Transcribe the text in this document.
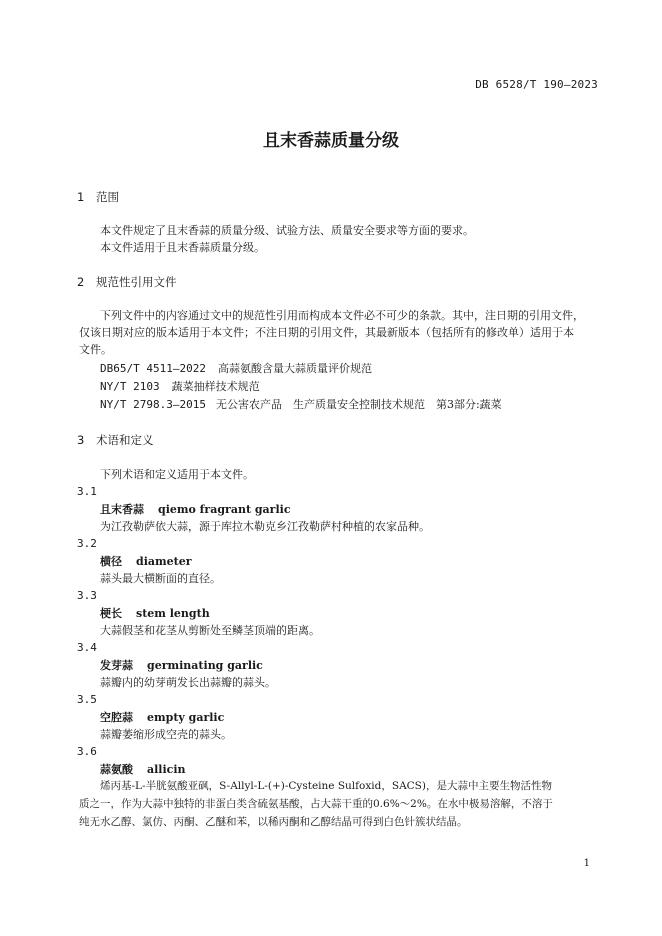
DB 6528/T 190—2023
且末香蒜质量分级
1 范围
本文件规定了且末香蒜的质量分级、试验方法、质量安全要求等方面的要求。
本文件适用于且末香蒜质量分级。
2 规范性引用文件
下列文件中的内容通过文中的规范性引用而构成本文件必不可少的条款。其中，注日期的引用文件，
仅该日期对应的版本适用于本文件；不注日期的引用文件，其最新版本（包括所有的修改单）适用于本
文件。
DB65/T 4511—2022 高蒜氨酸含量大蒜质量评价规范
NY/T 2103 蔬菜抽样技术规范
NY/T 2798.3—2015 无公害农产品　生产质量安全控制技术规范　第3部分:蔬菜
3 术语和定义
下列术语和定义适用于本文件。
3.1
且末香蒜 qiemo fragrant garlic
为江孜勒萨依大蒜，源于库拉木勒克乡江孜勒萨村种植的农家品种。
3.2
横径 diameter
蒜头最大横断面的直径。
3.3
梗长 stem length
大蒜假茎和花茎从剪断处至鳞茎顶端的距离。
3.4
发芽蒜 germinating garlic
蒜瓣内的幼芽萌发长出蒜瓣的蒜头。
3.5
空腔蒜 empty garlic
蒜瓣萎缩形成空壳的蒜头。
3.6
蒜氨酸 allicin
烯丙基-L-半胱氨酸亚砜，S-Allyl-L-(+)-Cysteine Sulfoxid，SACS)，是大蒜中主要生物活性物
质之一，作为大蒜中独特的非蛋白类含硫氨基酸，占大蒜干重的0.6%～2%。在水中极易溶解，不溶于
纯无水乙醇、氯仿、丙酮、乙醚和苯，以稀丙酮和乙醇结晶可得到白色针簇状结晶。
1
